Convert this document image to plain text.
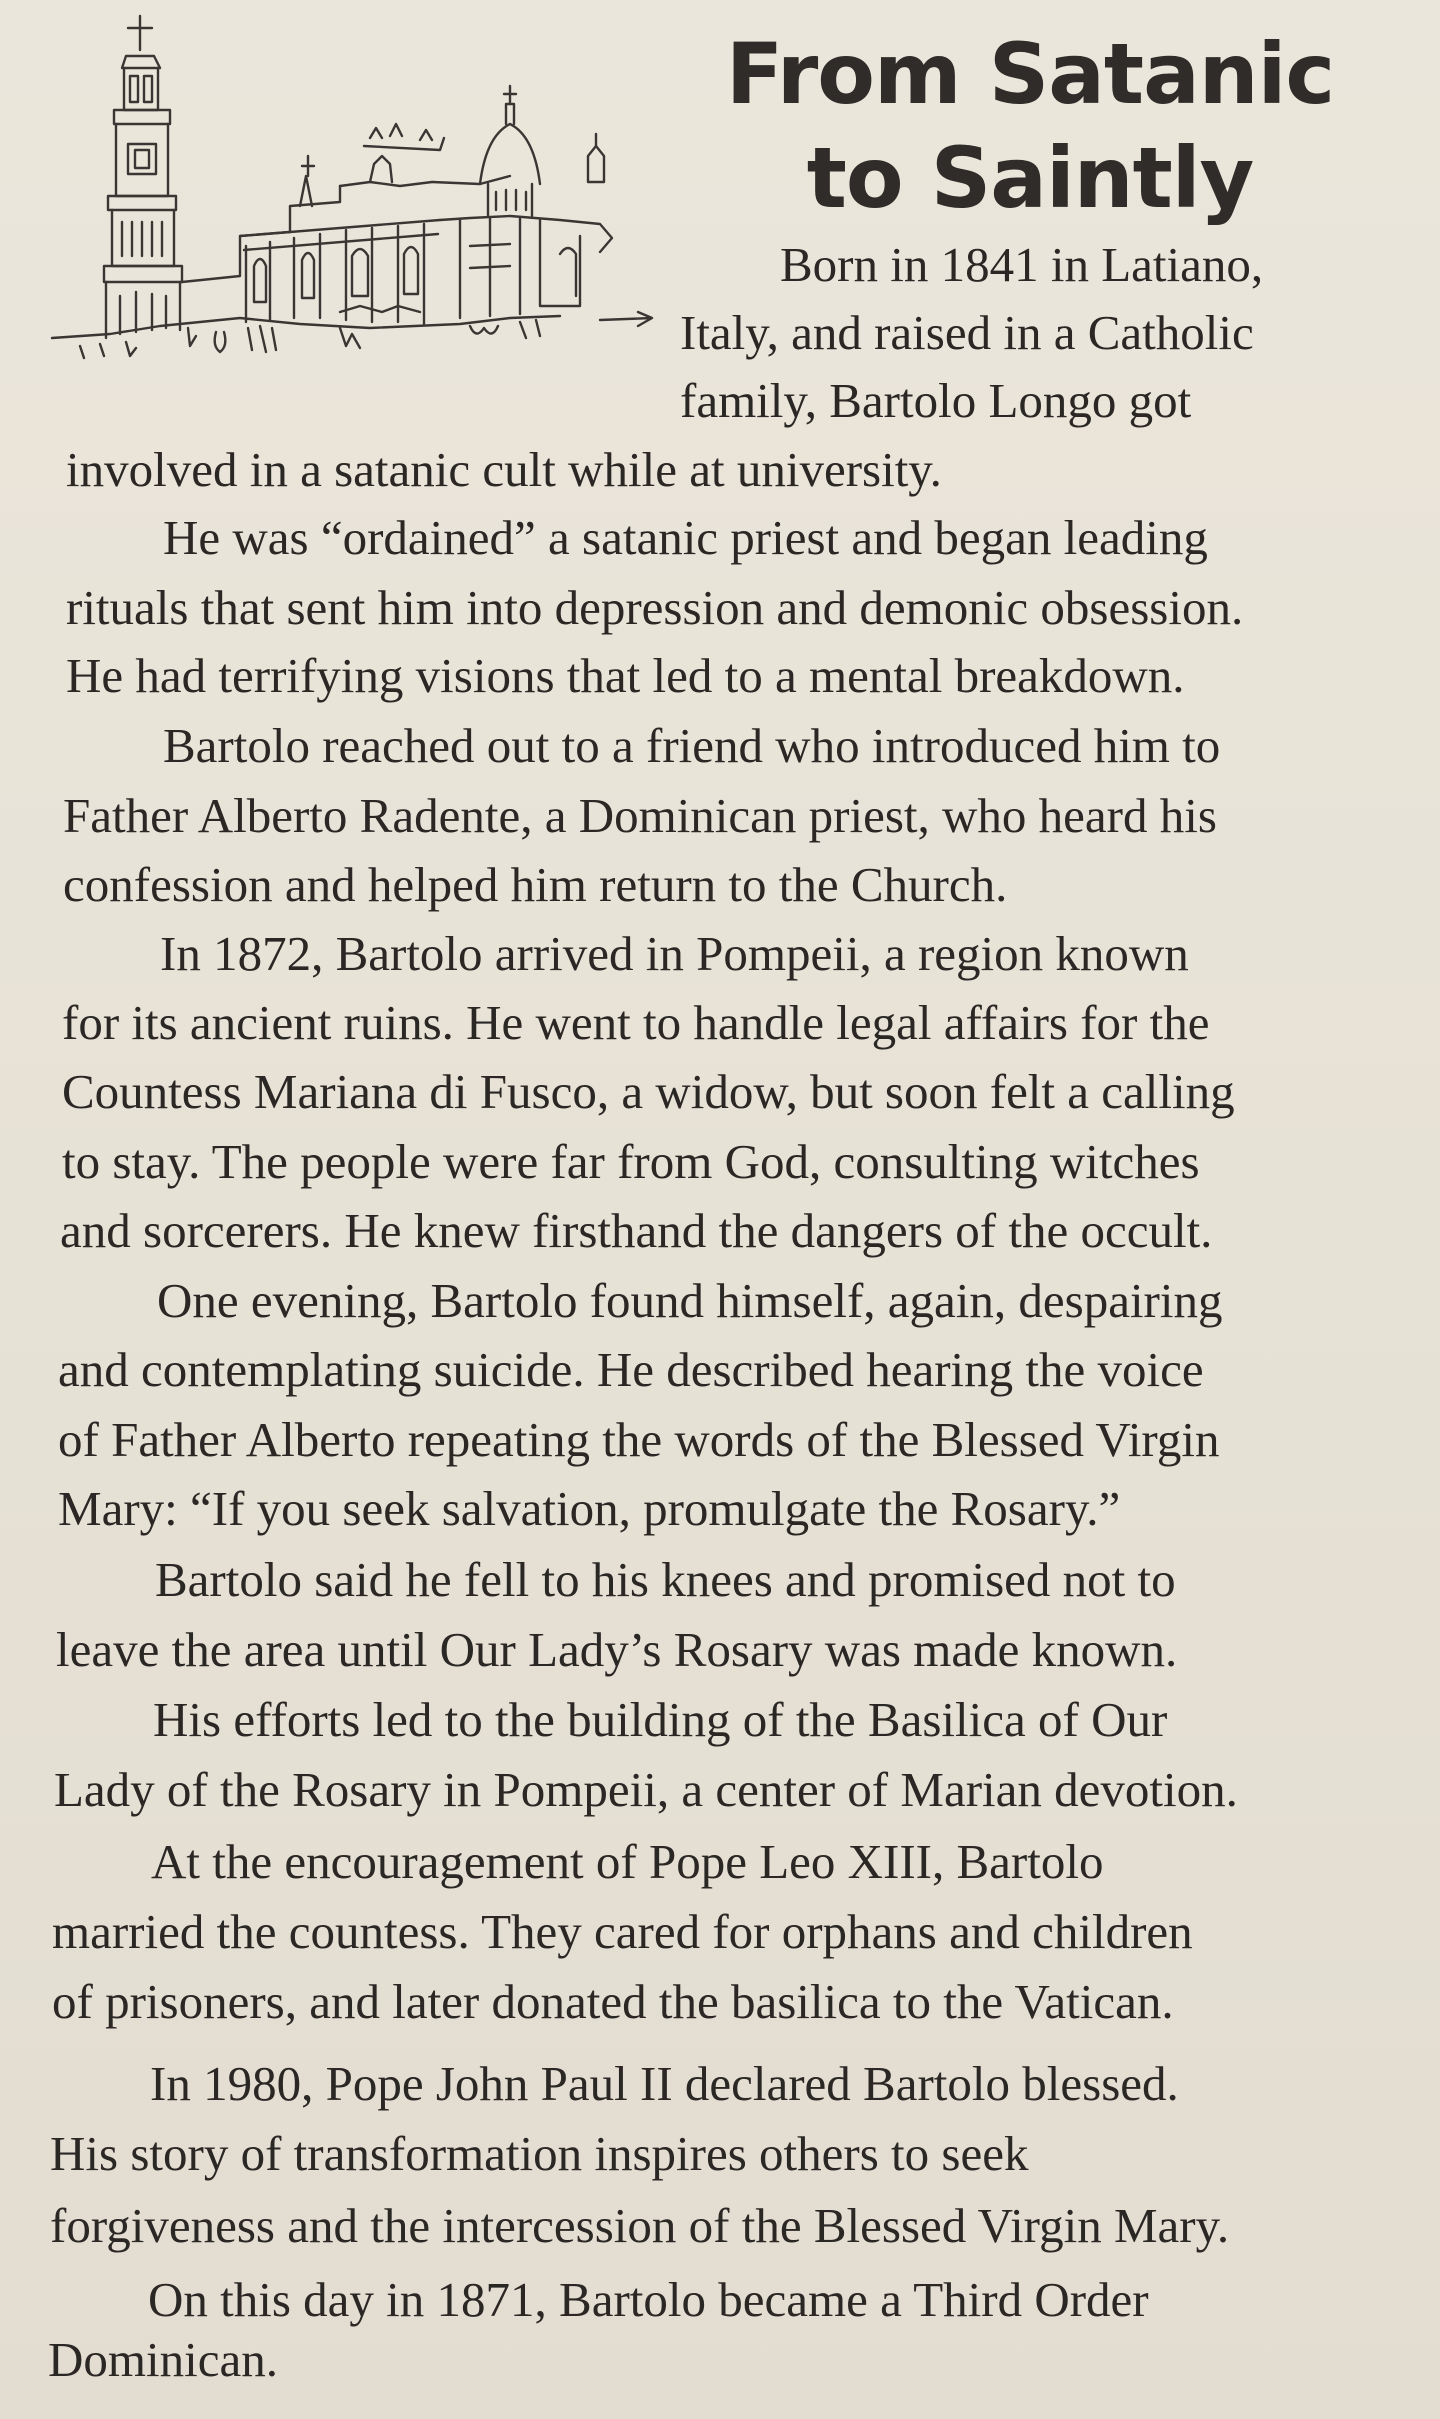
From Satanic
to Saintly

Born in 1841 in Latiano,

Italy, and raised in a Catholic

family, Bartolo Longo got

involved in a satanic cult while at university.

He was “ordained” a satanic priest and began leading

rituals that sent him into depression and demonic obsession.

He had terrifying visions that led to a mental breakdown.

Bartolo reached out to a friend who introduced him to

Father Alberto Radente, a Dominican priest, who heard his

confession and helped him return to the Church.

In 1872, Bartolo arrived in Pompeii, a region known

for its ancient ruins. He went to handle legal affairs for the

Countess Mariana di Fusco, a widow, but soon felt a calling

to stay. The people were far from God, consulting witches

and sorcerers. He knew firsthand the dangers of the occult.

One evening, Bartolo found himself, again, despairing

and contemplating suicide. He described hearing the voice

of Father Alberto repeating the words of the Blessed Virgin

Mary: “If you seek salvation, promulgate the Rosary.”

Bartolo said he fell to his knees and promised not to

leave the area until Our Lady’s Rosary was made known.

His efforts led to the building of the Basilica of Our

Lady of the Rosary in Pompeii, a center of Marian devotion.

At the encouragement of Pope Leo XIII, Bartolo

married the countess. They cared for orphans and children

of prisoners, and later donated the basilica to the Vatican.

In 1980, Pope John Paul II declared Bartolo blessed.

His story of transformation inspires others to seek

forgiveness and the intercession of the Blessed Virgin Mary.

On this day in 1871, Bartolo became a Third Order

Dominican.
